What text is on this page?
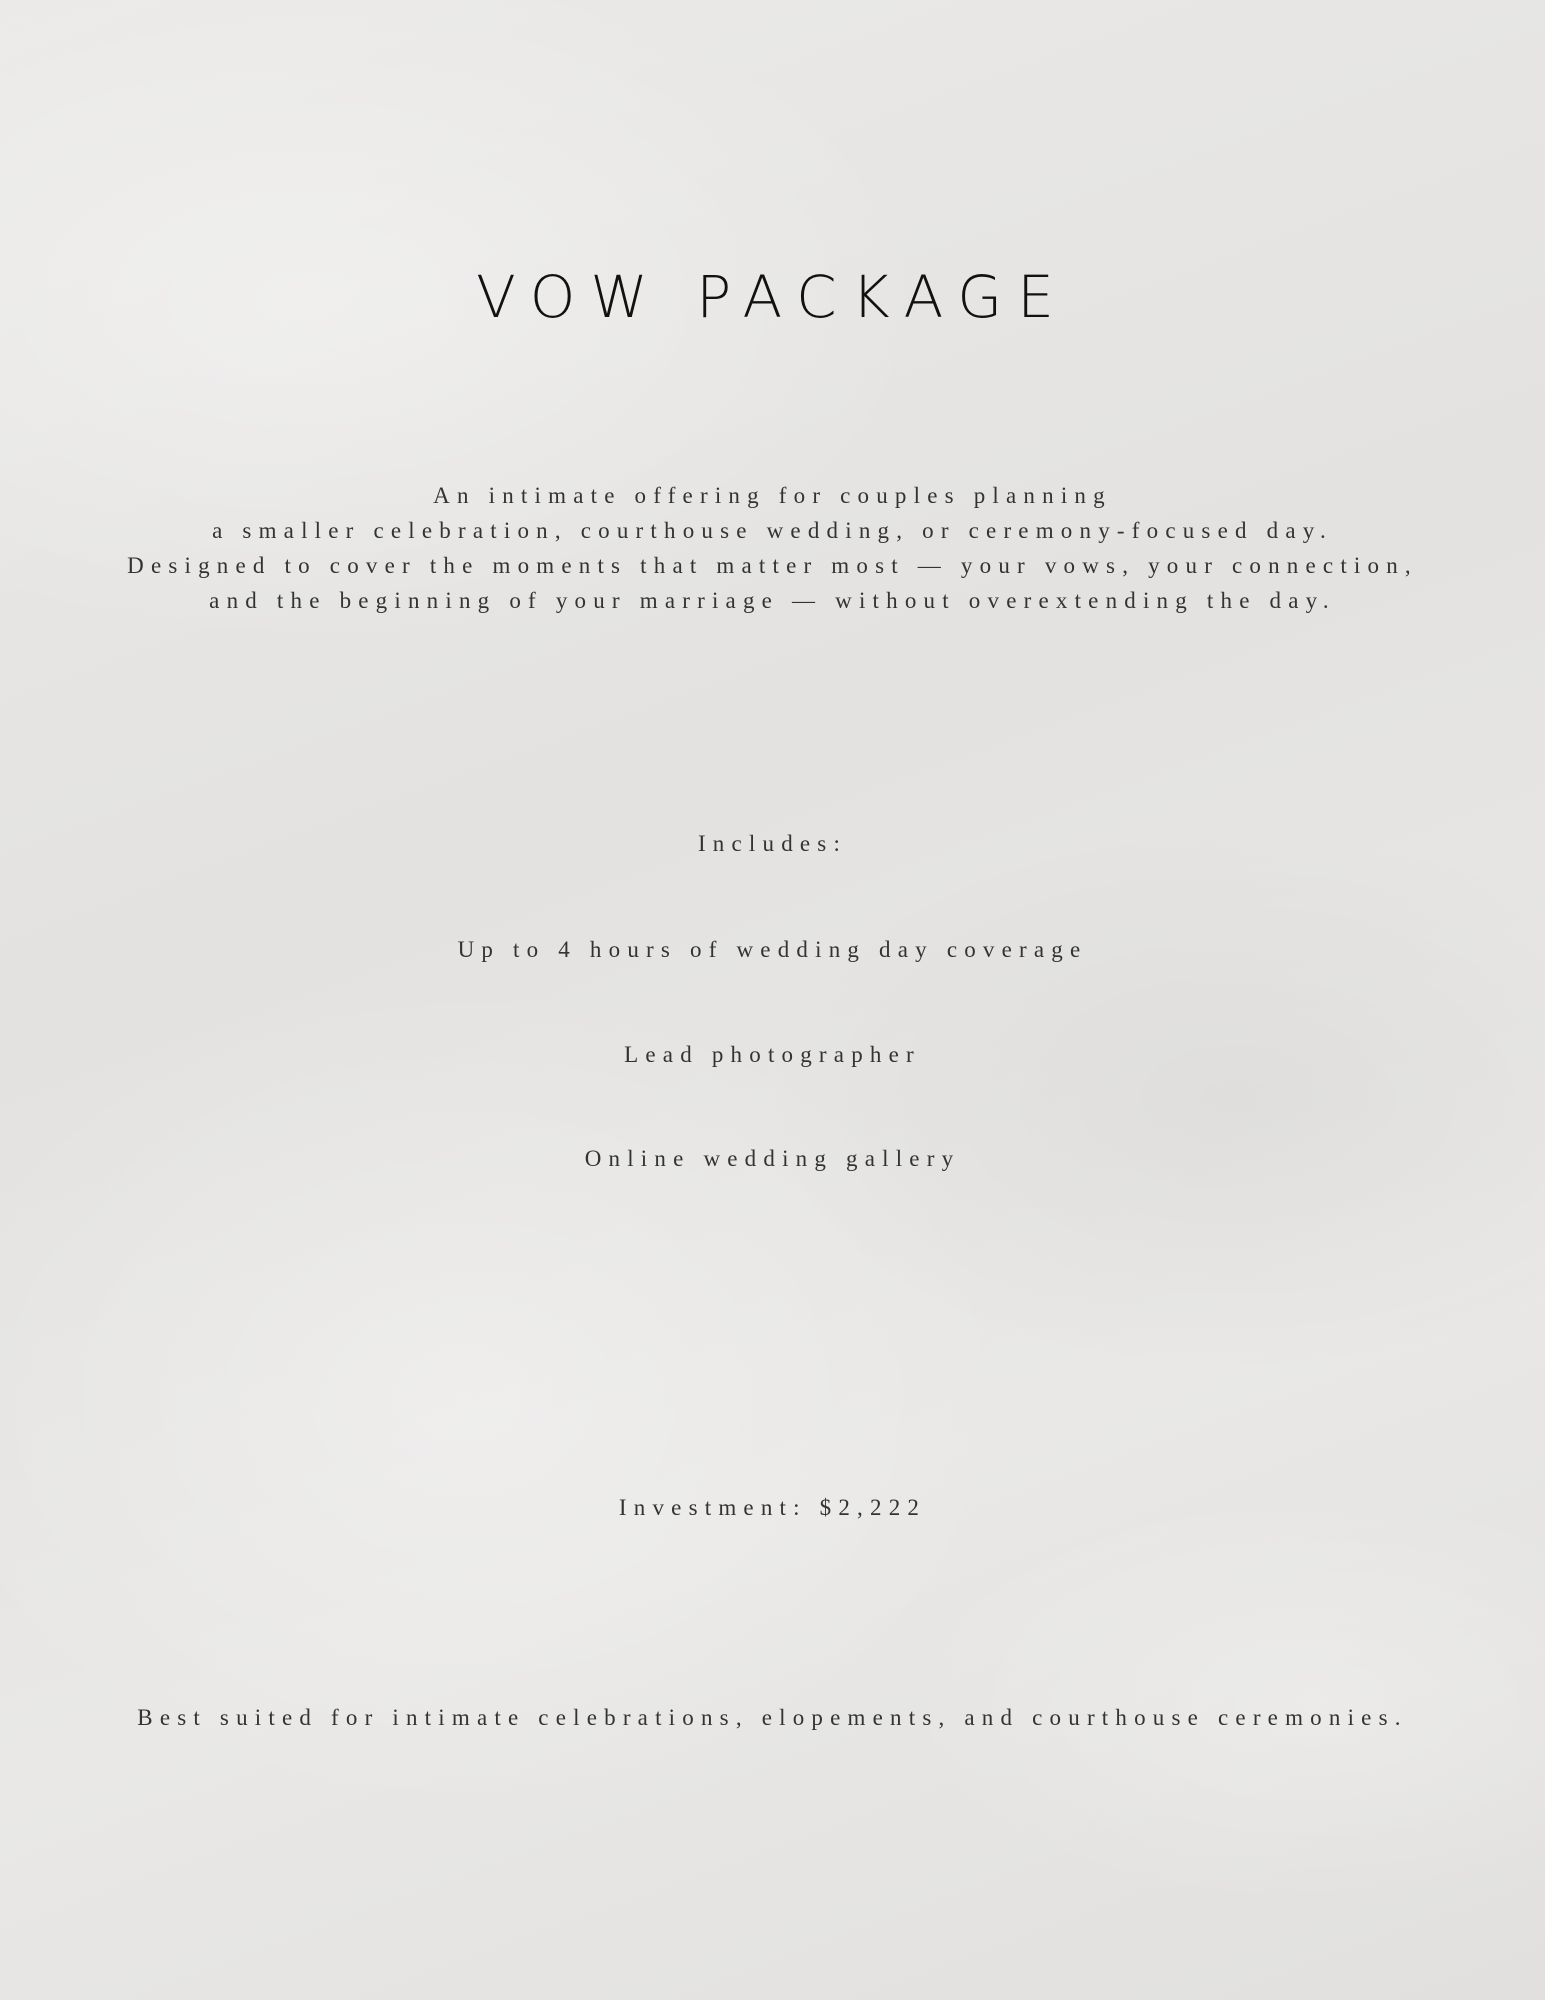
VOW PACKAGE
An intimate offering for couples planning
a smaller celebration, courthouse wedding, or ceremony-focused day.
Designed to cover the moments that matter most — your vows, your connection,
and the beginning of your marriage — without overextending the day.
Includes:
Up to 4 hours of wedding day coverage
Lead photographer
Online wedding gallery
Investment: $2,222
Best suited for intimate celebrations, elopements, and courthouse ceremonies.
